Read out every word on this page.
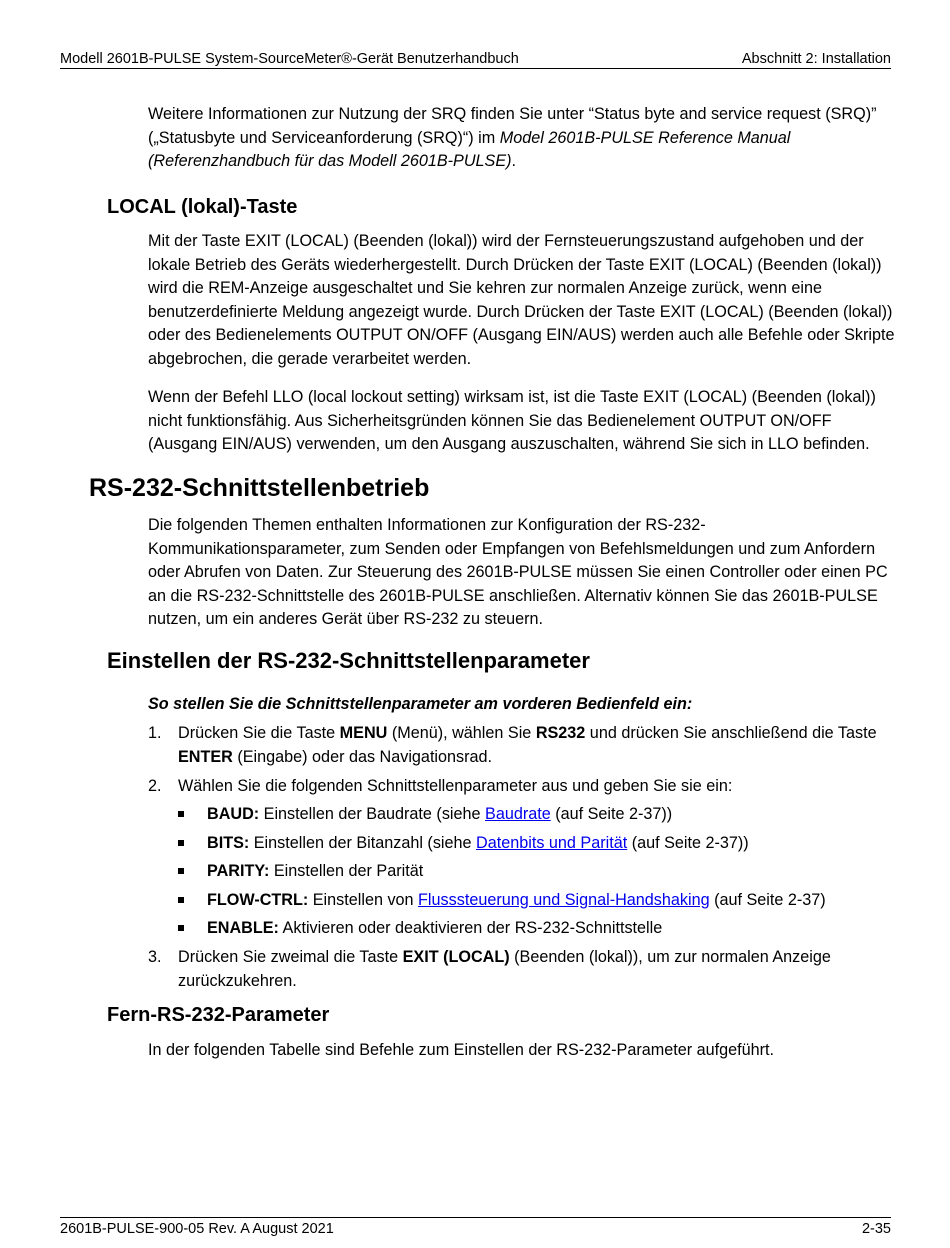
Modell 2601B-PULSE System-SourceMeter®-Gerät Benutzerhandbuch	Abschnitt 2: Installation

Weitere Informationen zur Nutzung der SRQ finden Sie unter “Status byte and service request (SRQ)” („Statusbyte und Serviceanforderung (SRQ)“) im Model 2601B-PULSE Reference Manual (Referenzhandbuch für das Modell 2601B-PULSE).

LOCAL (lokal)-Taste

Mit der Taste EXIT (LOCAL) (Beenden (lokal)) wird der Fernsteuerungszustand aufgehoben und der lokale Betrieb des Geräts wiederhergestellt. Durch Drücken der Taste EXIT (LOCAL) (Beenden (lokal)) wird die REM-Anzeige ausgeschaltet und Sie kehren zur normalen Anzeige zurück, wenn eine benutzerdefinierte Meldung angezeigt wurde. Durch Drücken der Taste EXIT (LOCAL) (Beenden (lokal)) oder des Bedienelements OUTPUT ON/OFF (Ausgang EIN/AUS) werden auch alle Befehle oder Skripte abgebrochen, die gerade verarbeitet werden.

Wenn der Befehl LLO (local lockout setting) wirksam ist, ist die Taste EXIT (LOCAL) (Beenden (lokal)) nicht funktionsfähig. Aus Sicherheitsgründen können Sie das Bedienelement OUTPUT ON/OFF (Ausgang EIN/AUS) verwenden, um den Ausgang auszuschalten, während Sie sich in LLO befinden.

RS-232-Schnittstellenbetrieb

Die folgenden Themen enthalten Informationen zur Konfiguration der RS-232-Kommunikationsparameter, zum Senden oder Empfangen von Befehlsmeldungen und zum Anfordern oder Abrufen von Daten. Zur Steuerung des 2601B-PULSE müssen Sie einen Controller oder einen PC an die RS-232-Schnittstelle des 2601B-PULSE anschließen. Alternativ können Sie das 2601B-PULSE nutzen, um ein anderes Gerät über RS-232 zu steuern.

Einstellen der RS-232-Schnittstellenparameter

So stellen Sie die Schnittstellenparameter am vorderen Bedienfeld ein:

1. Drücken Sie die Taste MENU (Menü), wählen Sie RS232 und drücken Sie anschließend die Taste ENTER (Eingabe) oder das Navigationsrad.
2. Wählen Sie die folgenden Schnittstellenparameter aus und geben Sie sie ein:
BAUD: Einstellen der Baudrate (siehe Baudrate (auf Seite 2-37))
BITS: Einstellen der Bitanzahl (siehe Datenbits und Parität (auf Seite 2-37))
PARITY: Einstellen der Parität
FLOW-CTRL: Einstellen von Flusssteuerung und Signal-Handshaking (auf Seite 2-37)
ENABLE: Aktivieren oder deaktivieren der RS-232-Schnittstelle
3. Drücken Sie zweimal die Taste EXIT (LOCAL) (Beenden (lokal)), um zur normalen Anzeige zurückzukehren.
Fern-RS-232-Parameter

In der folgenden Tabelle sind Befehle zum Einstellen der RS-232-Parameter aufgeführt.

2601B-PULSE-900-05 Rev. A August 2021	2-35
